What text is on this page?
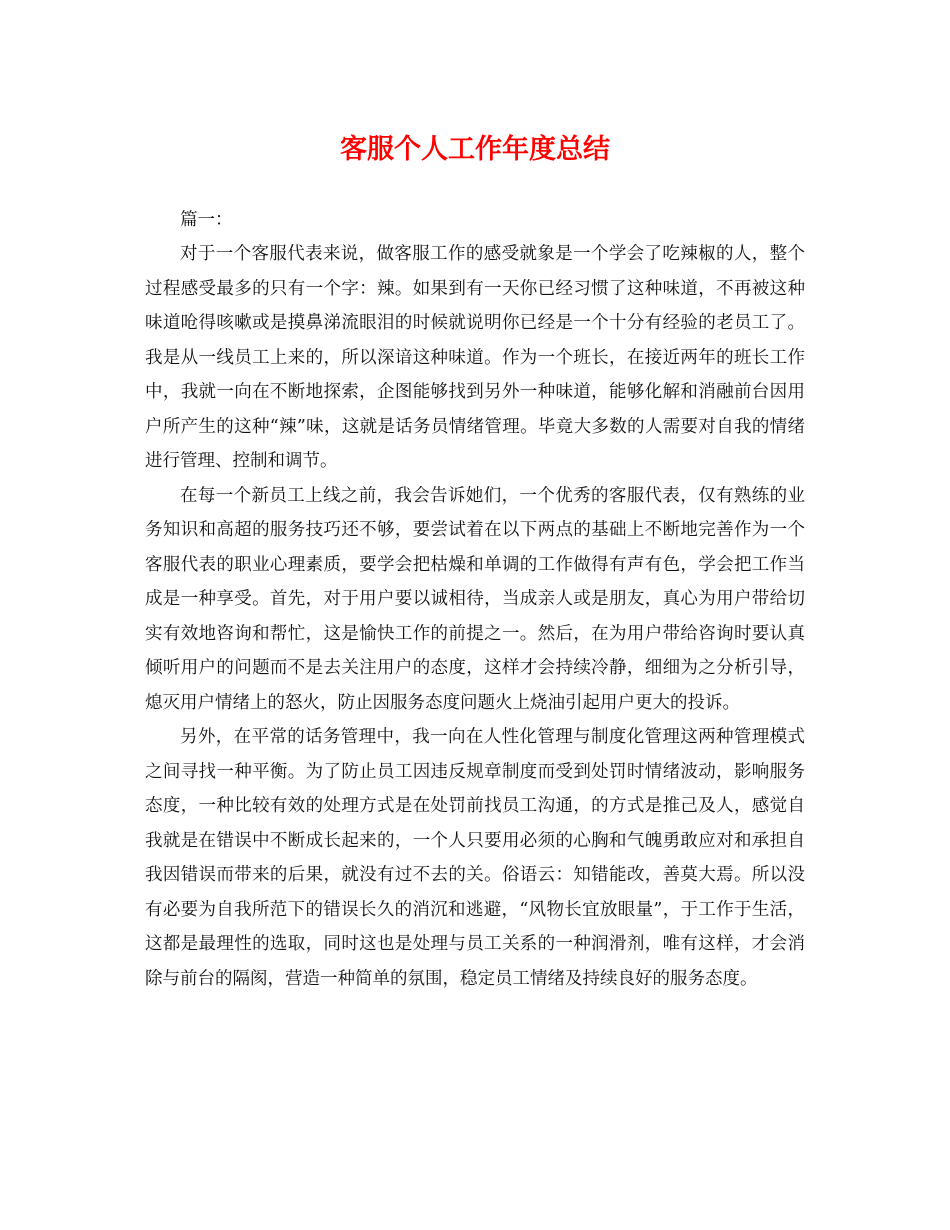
客服个人工作年度总结

篇一：

对于一个客服代表来说，做客服工作的感受就象是一个学会了吃辣椒的人，整个过程感受最多的只有一个字：辣。如果到有一天你已经习惯了这种味道，不再被这种味道呛得咳嗽或是摸鼻涕流眼泪的时候就说明你已经是一个十分有经验的老员工了。我是从一线员工上来的，所以深谙这种味道。作为一个班长，在接近两年的班长工作中，我就一向在不断地探索，企图能够找到另外一种味道，能够化解和消融前台因用户所产生的这种“辣”味，这就是话务员情绪管理。毕竟大多数的人需要对自我的情绪进行管理、控制和调节。

在每一个新员工上线之前，我会告诉她们，一个优秀的客服代表，仅有熟练的业务知识和高超的服务技巧还不够，要尝试着在以下两点的基础上不断地完善作为一个客服代表的职业心理素质，要学会把枯燥和单调的工作做得有声有色，学会把工作当成是一种享受。首先，对于用户要以诚相待，当成亲人或是朋友，真心为用户带给切实有效地咨询和帮忙，这是愉快工作的前提之一。然后，在为用户带给咨询时要认真倾听用户的问题而不是去关注用户的态度，这样才会持续冷静，细细为之分析引导，熄灭用户情绪上的怒火，防止因服务态度问题火上烧油引起用户更大的投诉。

另外，在平常的话务管理中，我一向在人性化管理与制度化管理这两种管理模式之间寻找一种平衡。为了防止员工因违反规章制度而受到处罚时情绪波动，影响服务态度，一种比较有效的处理方式是在处罚前找员工沟通，的方式是推己及人，感觉自我就是在错误中不断成长起来的，一个人只要用必须的心胸和气魄勇敢应对和承担自我因错误而带来的后果，就没有过不去的关。俗语云：知错能改，善莫大焉。所以没有必要为自我所范下的错误长久的消沉和逃避，“风物长宜放眼量”，于工作于生活，这都是最理性的选取，同时这也是处理与员工关系的一种润滑剂，唯有这样，才会消除与前台的隔阂，营造一种简单的氛围，稳定员工情绪及持续良好的服务态度。
